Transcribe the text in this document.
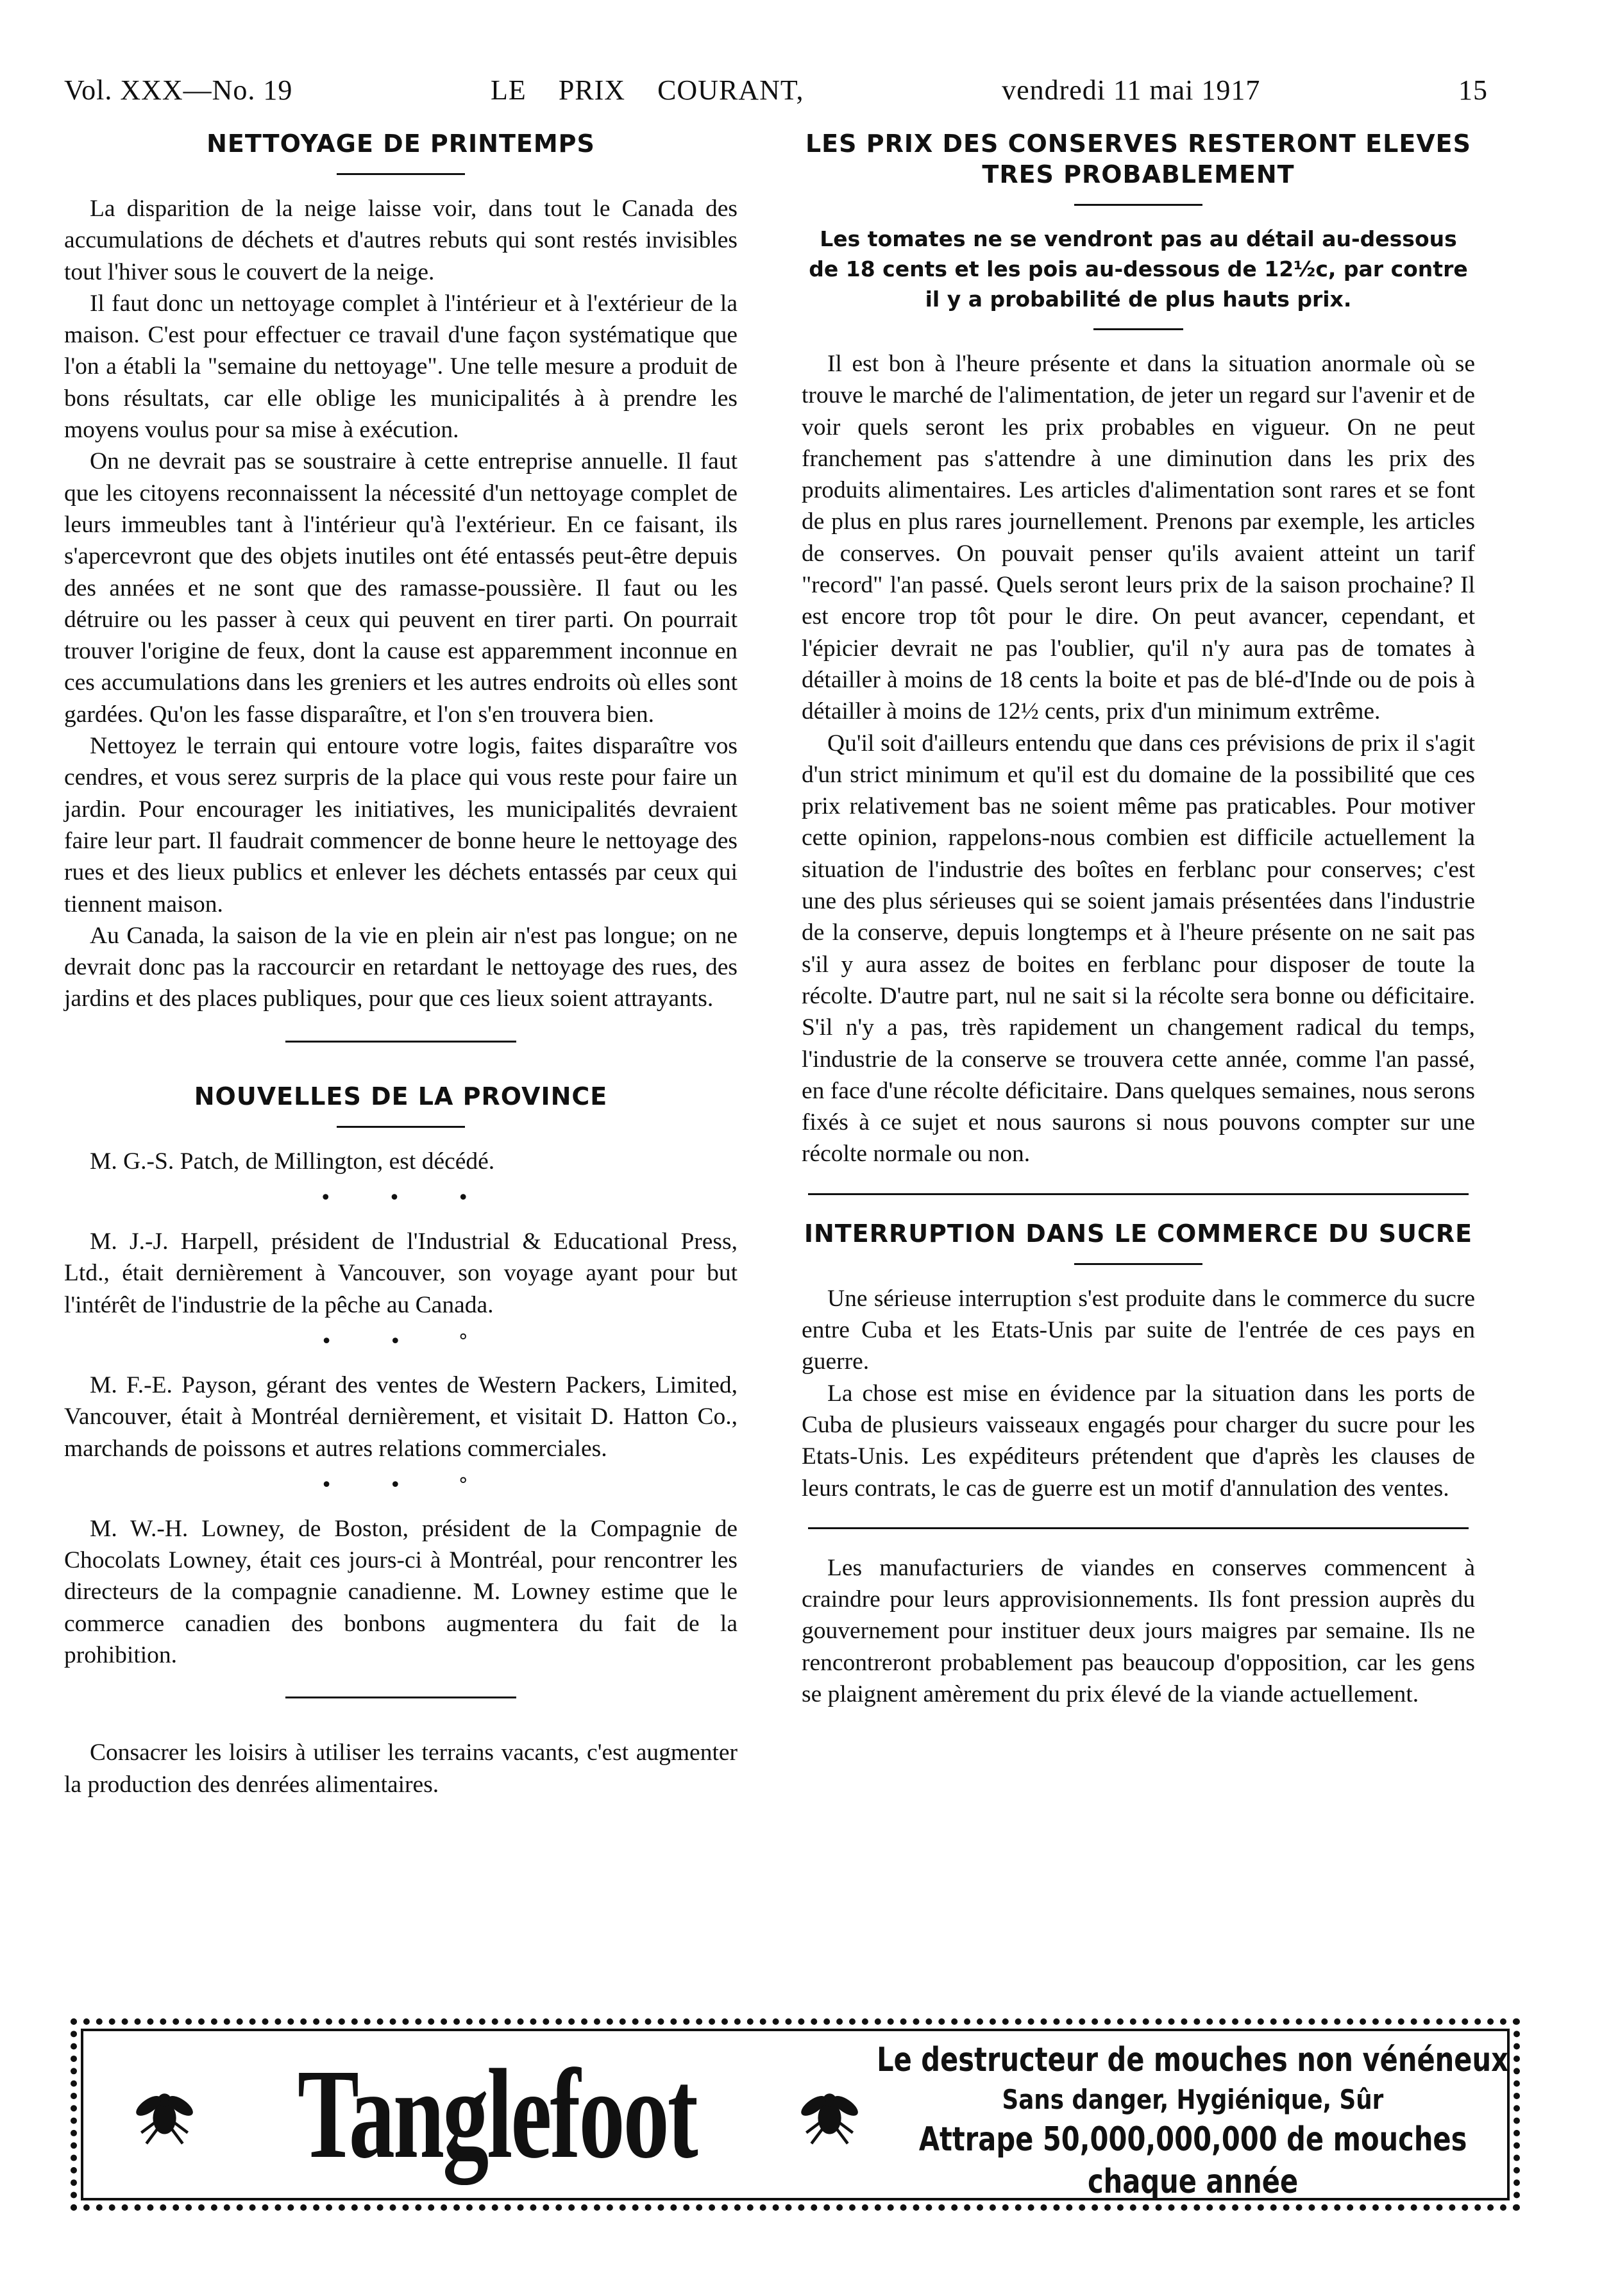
Vol. XXX—No. 19	LE PRIX COURANT,	vendredi 11 mai 1917	15
NETTOYAGE DE PRINTEMPS

La disparition de la neige laisse voir, dans tout le Canada des accumulations de déchets et d'autres rebuts qui sont restés invisibles tout l'hiver sous le couvert de la neige.

Il faut donc un nettoyage complet à l'intérieur et à l'extérieur de la maison. C'est pour effectuer ce travail d'une façon systématique que l'on a établi la "semaine du nettoyage". Une telle mesure a produit de bons résultats, car elle oblige les municipalités à à prendre les moyens voulus pour sa mise à exécution.

On ne devrait pas se soustraire à cette entreprise annuelle. Il faut que les citoyens reconnaissent la nécessité d'un nettoyage complet de leurs immeubles tant à l'intérieur qu'à l'extérieur. En ce faisant, ils s'apercevront que des objets inutiles ont été entassés peut-être depuis des années et ne sont que des ramasse-poussière. Il faut ou les détruire ou les passer à ceux qui peuvent en tirer parti. On pourrait trouver l'origine de feux, dont la cause est apparemment inconnue en ces accumulations dans les greniers et les autres endroits où elles sont gardées. Qu'on les fasse disparaître, et l'on s'en trouvera bien.

Nettoyez le terrain qui entoure votre logis, faites disparaître vos cendres, et vous serez surpris de la place qui vous reste pour faire un jardin. Pour encourager les initiatives, les municipalités devraient faire leur part. Il faudrait commencer de bonne heure le nettoyage des rues et des lieux publics et enlever les déchets entassés par ceux qui tiennent maison.

Au Canada, la saison de la vie en plein air n'est pas longue; on ne devrait donc pas la raccourcir en retardant le nettoyage des rues, des jardins et des places publiques, pour que ces lieux soient attrayants.

NOUVELLES DE LA PROVINCE

M. G.-S. Patch, de Millington, est décédé.

• • •

M. J.-J. Harpell, président de l'Industrial & Educational Press, Ltd., était dernièrement à Vancouver, son voyage ayant pour but l'intérêt de l'industrie de la pêche au Canada.

• • °

M. F.-E. Payson, gérant des ventes de Western Packers, Limited, Vancouver, était à Montréal dernièrement, et visitait D. Hatton Co., marchands de poissons et autres relations commerciales.

• • °

M. W.-H. Lowney, de Boston, président de la Compagnie de Chocolats Lowney, était ces jours-ci à Montréal, pour rencontrer les directeurs de la compagnie canadienne. M. Lowney estime que le commerce canadien des bonbons augmentera du fait de la prohibition.

Consacrer les loisirs à utiliser les terrains vacants, c'est augmenter la production des denrées alimentaires.

LES PRIX DES CONSERVES RESTERONT ELEVES TRES PROBABLEMENT
Les tomates ne se vendront pas au détail au-dessous de 18 cents et les pois au-dessous de 12½c, par contre il y a probabilité de plus hauts prix.

Il est bon à l'heure présente et dans la situation anormale où se trouve le marché de l'alimentation, de jeter un regard sur l'avenir et de voir quels seront les prix probables en vigueur. On ne peut franchement pas s'attendre à une diminution dans les prix des produits alimentaires. Les articles d'alimentation sont rares et se font de plus en plus rares journellement. Prenons par exemple, les articles de conserves. On pouvait penser qu'ils avaient atteint un tarif "record" l'an passé. Quels seront leurs prix de la saison prochaine? Il est encore trop tôt pour le dire. On peut avancer, cependant, et l'épicier devrait ne pas l'oublier, qu'il n'y aura pas de tomates à détailler à moins de 18 cents la boite et pas de blé-d'Inde ou de pois à détailler à moins de 12½ cents, prix d'un minimum extrême.

Qu'il soit d'ailleurs entendu que dans ces prévisions de prix il s'agit d'un strict minimum et qu'il est du domaine de la possibilité que ces prix relativement bas ne soient même pas praticables. Pour motiver cette opinion, rappelons-nous combien est difficile actuellement la situation de l'industrie des boîtes en ferblanc pour conserves; c'est une des plus sérieuses qui se soient jamais présentées dans l'industrie de la conserve, depuis longtemps et à l'heure présente on ne sait pas s'il y aura assez de boites en ferblanc pour disposer de toute la récolte. D'autre part, nul ne sait si la récolte sera bonne ou déficitaire. S'il n'y a pas, très rapidement un changement radical du temps, l'industrie de la conserve se trouvera cette année, comme l'an passé, en face d'une récolte déficitaire. Dans quelques semaines, nous serons fixés à ce sujet et nous saurons si nous pouvons compter sur une récolte normale ou non.

INTERRUPTION DANS LE COMMERCE DU SUCRE

Une sérieuse interruption s'est produite dans le commerce du sucre entre Cuba et les Etats-Unis par suite de l'entrée de ces pays en guerre.

La chose est mise en évidence par la situation dans les ports de Cuba de plusieurs vaisseaux engagés pour charger du sucre pour les Etats-Unis. Les expéditeurs prétendent que d'après les clauses de leurs contrats, le cas de guerre est un motif d'annulation des ventes.

Les manufacturiers de viandes en conserves commencent à craindre pour leurs approvisionnements. Ils font pression auprès du gouvernement pour instituer deux jours maigres par semaine. Ils ne rencontreront probablement pas beaucoup d'opposition, car les gens se plaignent amèrement du prix élevé de la viande actuellement.

Tanglefoot	Le destructeur de mouches non vénéneux
Sans danger, Hygiénique, Sûr
Attrape 50,000,000,000 de mouches
chaque année
